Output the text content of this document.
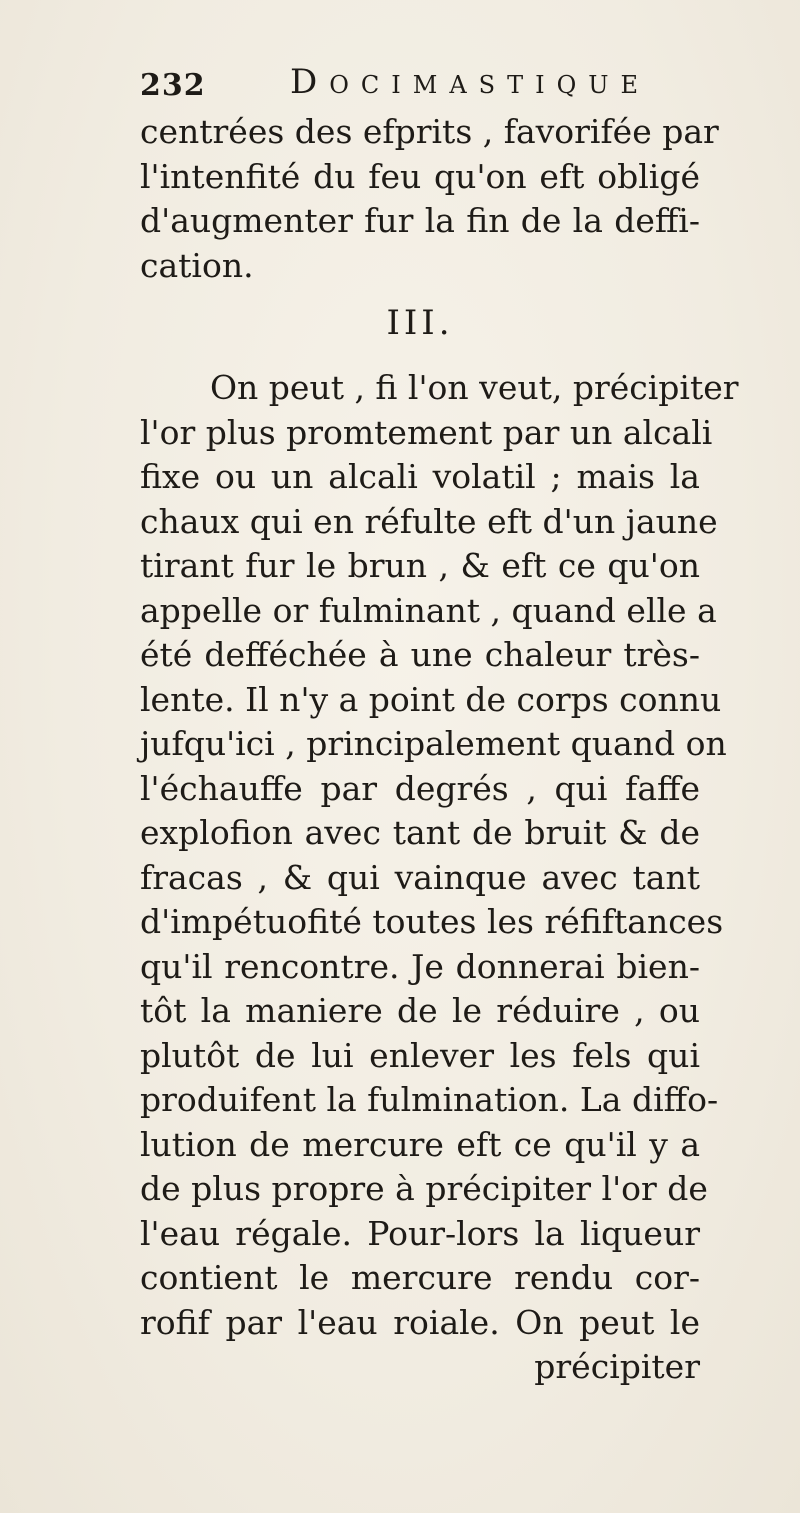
232 Docimastique
centrées des efprits , favorifée par
l'intenfité du feu qu'on eft obligé
d'augmenter fur la fin de la deffi-
cation.
III.
On peut , fi l'on veut, précipiter
l'or plus promtement par un alcali
fixe ou un alcali volatil ; mais la
chaux qui en réfulte eft d'un jaune
tirant fur le brun , & eft ce qu'on
appelle or fulminant , quand elle a
été defféchée à une chaleur très-
lente. Il n'y a point de corps connu
jufqu'ici , principalement quand on
l'échauffe par degrés , qui faffe
explofion avec tant de bruit & de
fracas , & qui vainque avec tant
d'impétuofité toutes les réfiftances
qu'il rencontre. Je donnerai bien-
tôt la maniere de le réduire , ou
plutôt de lui enlever les fels qui
produifent la fulmination. La diffo-
lution de mercure eft ce qu'il y a
de plus propre à précipiter l'or de
l'eau régale. Pour-lors la liqueur
contient le mercure rendu cor-
rofif par l'eau roiale. On peut le
précipiter
